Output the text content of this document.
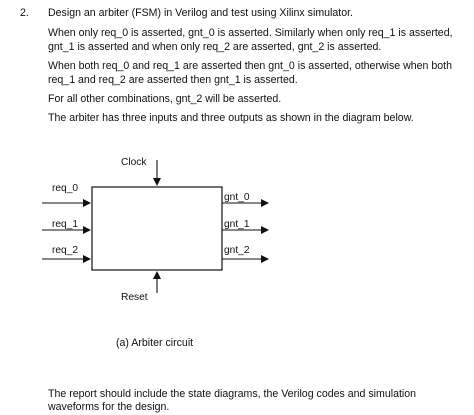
2. Design an arbiter (FSM) in Verilog and test using Xilinx simulator.

When only req_0 is asserted, gnt_0 is asserted. Similarly when only req_1 is asserted, gnt_1 is asserted and when only req_2 are asserted, gnt_2 is asserted.

When both req_0 and req_1 are asserted then gnt_0 is asserted, otherwise when both req_1 and req_2 are asserted then gnt_1 is asserted.

For all other combinations, gnt_2 will be asserted.

The arbiter has three inputs and three outputs as shown in the diagram below.

Clock
Reset
req_0
req_1
req_2
gnt_0
gnt_1
gnt_2
(a) Arbiter circuit

The report should include the state diagrams, the Verilog codes and simulation waveforms for the design.
